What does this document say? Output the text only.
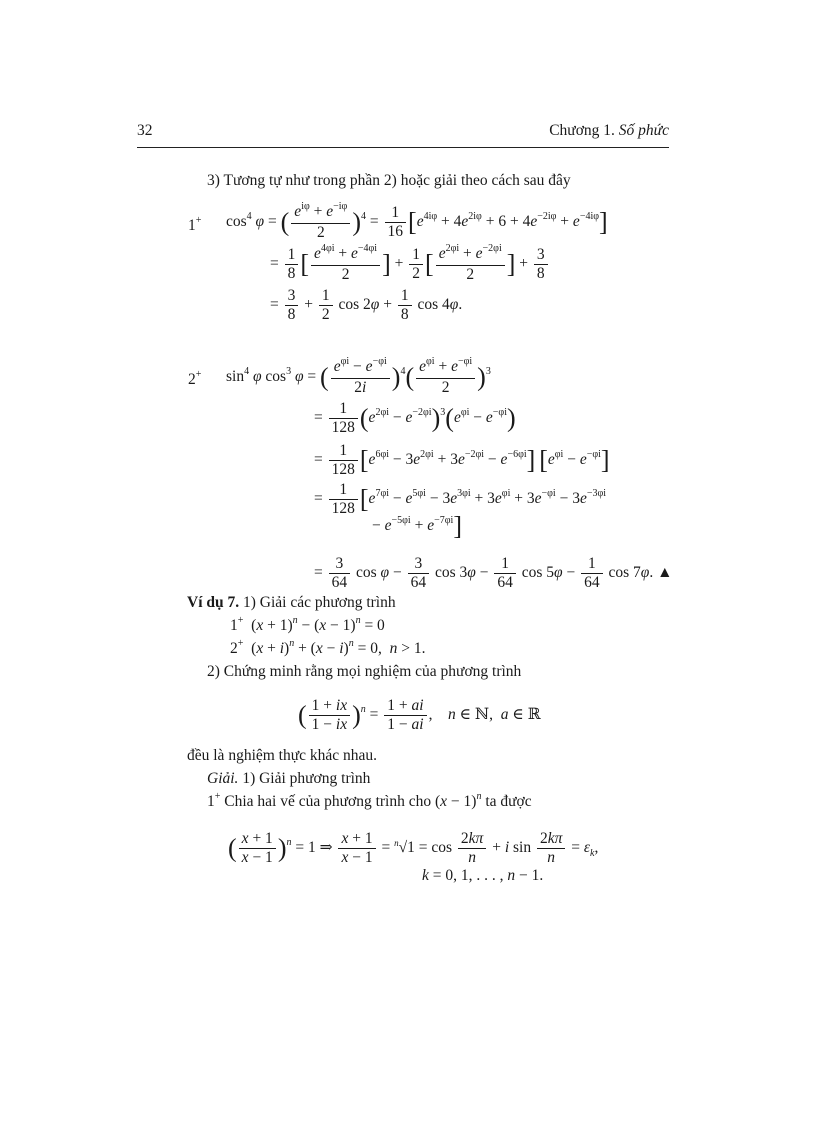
32	Chương 1. Số phức
3) Tương tự như trong phần 2) hoặc giải theo cách sau đây
1+ $\cos^4 \varphi$ = ( $\frac{e^{i\varphi} + e^{-i\varphi}}{2} )^4 = \frac{1}{16} [e^{4i\varphi} + 4e^{2i\varphi} + 6 + 4e^{-2i\varphi} + e^{-4i\varphi}]$
= $\frac{1}{8}$ [ $\frac{e^{4\varphi i} + e^{-4\varphi i}}{2}$ ] + $\frac{1}{2}$ [ $\frac{e^{2\varphi i} + e^{-2\varphi i}}{2}$ ] + $\frac{3}{8}$
= $\frac{3}{8} + \frac{1}{2}$ $\cos 2\varphi + \frac{1}{8}$ cos 4φ.
2+ $\sin^4 \varphi$ $\cos^3 \varphi$ = ( $\frac{e^{\varphi i} - e^{-\varphi i}}{2i} )^4( \frac{e^{\varphi i} + e^{-\varphi i}}{2} )^3$
= $\frac{1}{128} (e^{2\varphi i} - e^{-2\varphi i})^3(e^{\varphi i} - e^{-\varphi i})$
= $\frac{1}{128} [e^{6\varphi i} - 3e^{2\varphi i} + 3e^{-2\varphi i} - e^{-6\varphi i}] [e^{\varphi i} - e^{-\varphi i}]$
= $\frac{1}{128} [e^{7\varphi i} - e^{5\varphi i} - 3e^{3\varphi i} + 3e^{\varphi i} + 3e^{-\varphi i} - 3e^{-3\varphi i}$
− $e^{-5\varphi i} + e^{-7\varphi i}$]
= $\frac{3}{64}$ $\cos \varphi - \frac{3}{64}$ $\cos 3\varphi - \frac{1}{64}$ $\cos 5\varphi - \frac{1}{64}$ cos 7φ. ▲
Ví dụ 7. 1) Giải các phương trình
1+  $(x + 1)^n - (x - 1)^n = 0$
2+  $(x + i)^n + (x - i)^n = 0$,  n > 1.
2) Chứng minh rằng mọi nghiệm của phương trình
( $\frac{1 + ix}{1 - ix} )^n = \frac{1 + ai}{1 - ai}$ ,    n ∈ ℕ,  a ∈ ℝ
đều là nghiệm thực khác nhau.
Giải. 1) Giải phương trình
1+ Chia hai vế của phương trình cho $(x - 1)^n$ ta được
( $\frac{x + 1}{x - 1} )^n = 1$ ⇒ $\frac{x + 1}{x - 1} = ^n√1 = \cos \frac{2k\pi}{n} + i$ $\sin \frac{2k\pi}{n} = \varepsilon_k$,
k = 0, 1, . . . , n − 1.
